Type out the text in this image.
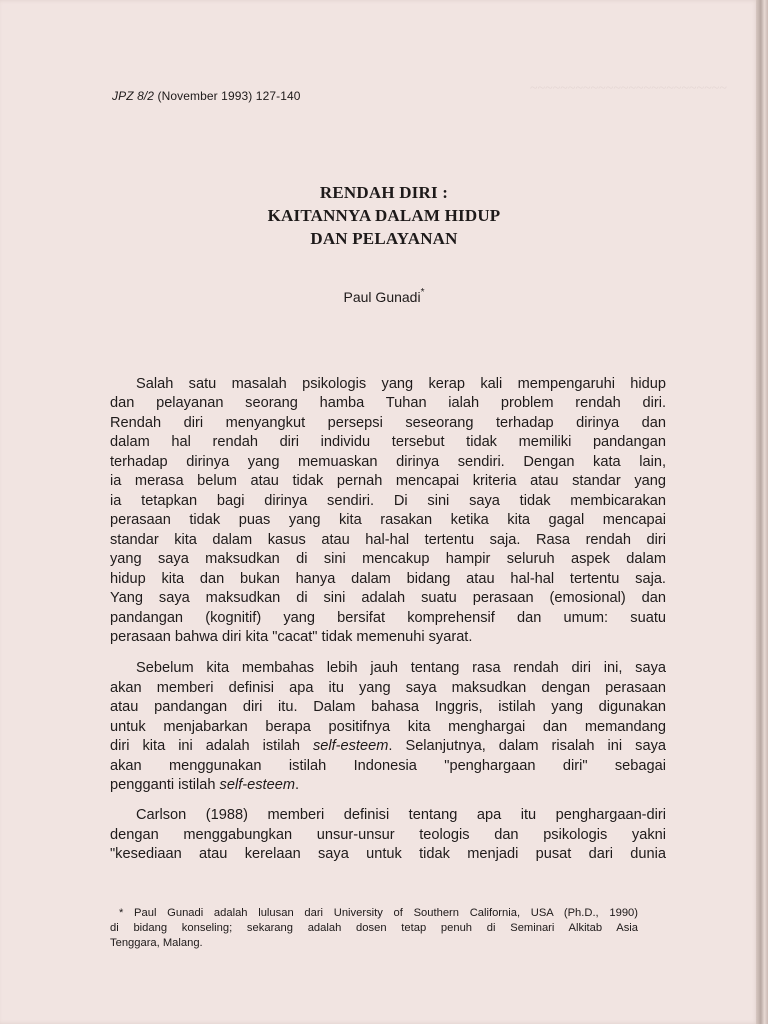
~~~~~~~~~~~~~~~~~~~~~~~~~~
JPZ 8/2 (November 1993) 127-140
RENDAH DIRI :
KAITANNYA DALAM HIDUP
DAN PELAYANAN
Paul Gunadi*
Salah satu masalah psikologis yang kerap kali mempengaruhi hidup
dan pelayanan seorang hamba Tuhan ialah problem rendah diri.
Rendah diri menyangkut persepsi seseorang terhadap dirinya dan
dalam hal rendah diri individu tersebut tidak memiliki pandangan
terhadap dirinya yang memuaskan dirinya sendiri. Dengan kata lain,
ia merasa belum atau tidak pernah mencapai kriteria atau standar yang
ia tetapkan bagi dirinya sendiri. Di sini saya tidak membicarakan
perasaan tidak puas yang kita rasakan ketika kita gagal mencapai
standar kita dalam kasus atau hal-hal tertentu saja. Rasa rendah diri
yang saya maksudkan di sini mencakup hampir seluruh aspek dalam
hidup kita dan bukan hanya dalam bidang atau hal-hal tertentu saja.
Yang saya maksudkan di sini adalah suatu perasaan (emosional) dan
pandangan (kognitif) yang bersifat komprehensif dan umum: suatu
perasaan bahwa diri kita "cacat" tidak memenuhi syarat.
Sebelum kita membahas lebih jauh tentang rasa rendah diri ini, saya
akan memberi definisi apa itu yang saya maksudkan dengan perasaan
atau pandangan diri itu. Dalam bahasa Inggris, istilah yang digunakan
untuk menjabarkan berapa positifnya kita menghargai dan memandang
diri kita ini adalah istilah self-esteem. Selanjutnya, dalam risalah ini saya
akan menggunakan istilah Indonesia "penghargaan diri" sebagai
pengganti istilah self-esteem.
Carlson (1988) memberi definisi tentang apa itu penghargaan-diri
dengan menggabungkan unsur-unsur teologis dan psikologis yakni
"kesediaan atau kerelaan saya untuk tidak menjadi pusat dari dunia
* Paul Gunadi adalah lulusan dari University of Southern California, USA (Ph.D., 1990)
di bidang konseling; sekarang adalah dosen tetap penuh di Seminari Alkitab Asia
Tenggara, Malang.
